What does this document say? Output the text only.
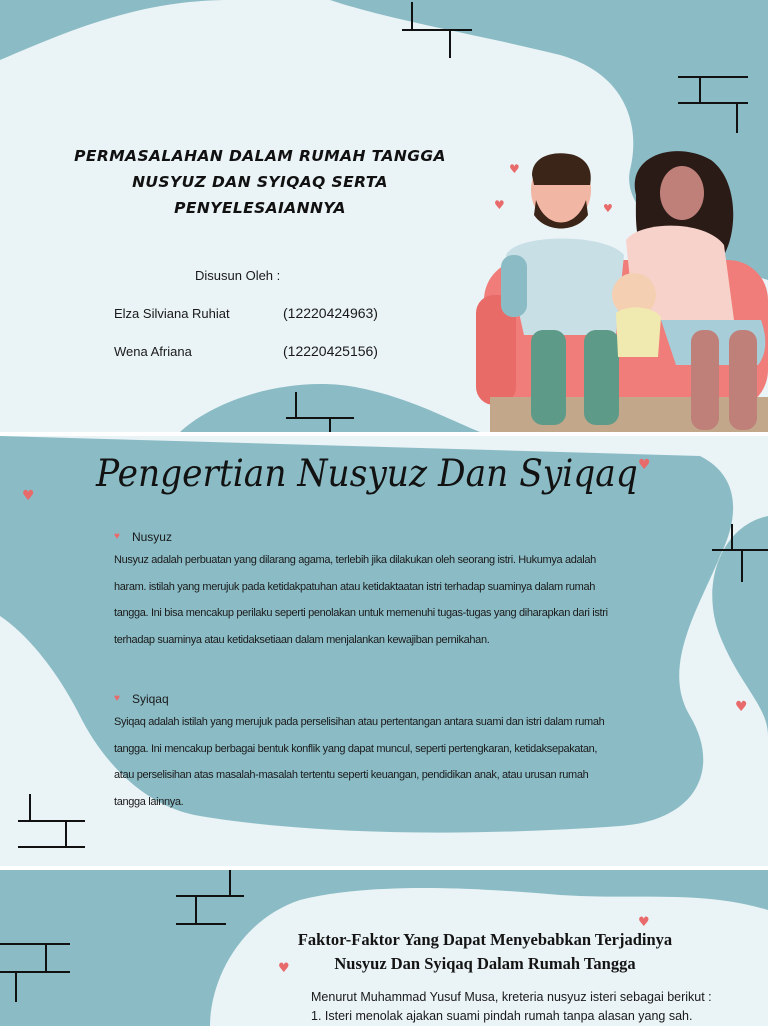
♥
♥	♥
PERMASALAHAN DALAM RUMAH TANGGA
NUSYUZ DAN SYIQAQ SERTA
PENYELESAIANNYA
Disusun Oleh :
Elza Silviana Ruhiat	(12220424963)
Wena Afriana	(12220425156)
♥
♥
♥
Pengertian Nusyuz Dan Syiqaq
♥ Nusyuz
Nusyuz adalah perbuatan yang dilarang agama, terlebih jika dilakukan oleh seorang istri. Hukumya adalah
haram. istilah yang merujuk pada ketidakpatuhan atau ketidaktaatan istri terhadap suaminya dalam rumah
tangga. Ini bisa mencakup perilaku seperti penolakan untuk memenuhi tugas-tugas yang diharapkan dari istri
terhadap suaminya atau ketidaksetiaan dalam menjalankan kewajiban pernikahan.
♥ Syiqaq
Syiqaq adalah istilah yang merujuk pada perselisihan atau pertentangan antara suami dan istri dalam rumah
tangga. Ini mencakup berbagai bentuk konflik yang dapat muncul, seperti pertengkaran, ketidaksepakatan,
atau perselisihan atas masalah-masalah tertentu seperti keuangan, pendidikan anak, atau urusan rumah
tangga lainnya.
♥
♥
Faktor-Faktor Yang Dapat Menyebabkan Terjadinya
Nusyuz Dan Syiqaq Dalam Rumah Tangga
Menurut Muhammad Yusuf Musa, kreteria nusyuz isteri sebagai berikut :
1. Isteri menolak ajakan suami pindah rumah tanpa alasan yang sah.
